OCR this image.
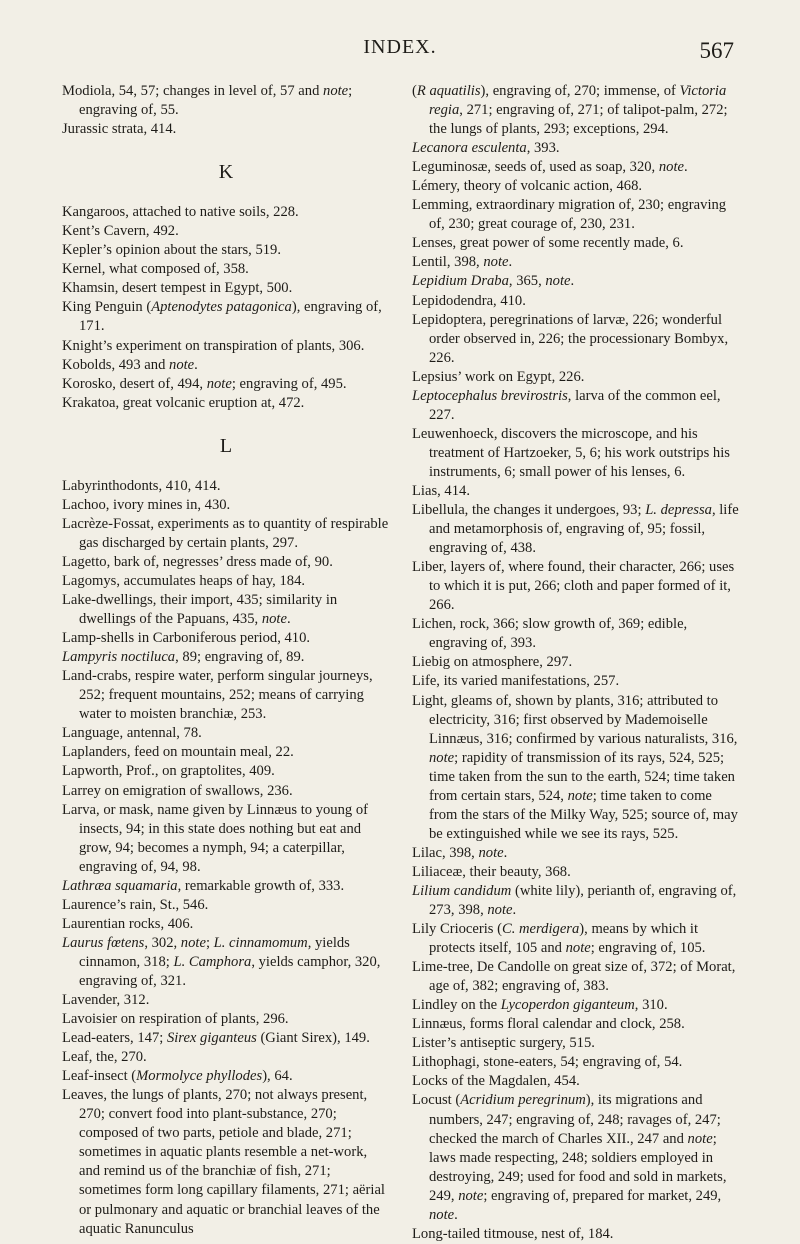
INDEX.	567

Modiola, 54, 57; changes in level of, 57 and note; engraving of, 55.

Jurassic strata, 414.

K

Kangaroos, attached to native soils, 228.

Kent’s Cavern, 492.

Kepler’s opinion about the stars, 519.

Kernel, what composed of, 358.

Khamsin, desert tempest in Egypt, 500.

King Penguin (Aptenodytes patagonica), engraving of, 171.

Knight’s experiment on transpiration of plants, 306.

Kobolds, 493 and note.

Korosko, desert of, 494, note; engraving of, 495.

Krakatoa, great volcanic eruption at, 472.

L

Labyrinthodonts, 410, 414.

Lachoo, ivory mines in, 430.

Lacrèze-Fossat, experiments as to quantity of respirable gas discharged by certain plants, 297.

Lagetto, bark of, negresses’ dress made of, 90.

Lagomys, accumulates heaps of hay, 184.

Lake-dwellings, their import, 435; similarity in dwellings of the Papuans, 435, note.

Lamp-shells in Carboniferous period, 410.

Lampyris noctiluca, 89; engraving of, 89.

Land-crabs, respire water, perform singular journeys, 252; frequent mountains, 252; means of carrying water to moisten branchiæ, 253.

Language, antennal, 78.

Laplanders, feed on mountain meal, 22.

Lapworth, Prof., on graptolites, 409.

Larrey on emigration of swallows, 236.

Larva, or mask, name given by Linnæus to young of insects, 94; in this state does nothing but eat and grow, 94; becomes a nymph, 94; a caterpillar, engraving of, 94, 98.

Lathræa squamaria, remarkable growth of, 333.

Laurence’s rain, St., 546.

Laurentian rocks, 406.

Laurus fœtens, 302, note; L. cinnamomum, yields cinnamon, 318; L. Camphora, yields camphor, 320, engraving of, 321.

Lavender, 312.

Lavoisier on respiration of plants, 296.

Lead-eaters, 147; Sirex giganteus (Giant Sirex), 149.

Leaf, the, 270.

Leaf-insect (Mormolyce phyllodes), 64.

Leaves, the lungs of plants, 270; not always present, 270; convert food into plant-substance, 270; composed of two parts, petiole and blade, 271; sometimes in aquatic plants resemble a net-work, and remind us of the branchiæ of fish, 271; sometimes form long capillary filaments, 271; aërial or pulmonary and aquatic or branchial leaves of the aquatic Ranunculus

(R aquatilis), engraving of, 270; immense, of Victoria regia, 271; engraving of, 271; of talipot-palm, 272; the lungs of plants, 293; exceptions, 294.

Lecanora esculenta, 393.

Leguminosæ, seeds of, used as soap, 320, note.

Lémery, theory of volcanic action, 468.

Lemming, extraordinary migration of, 230; engraving of, 230; great courage of, 230, 231.

Lenses, great power of some recently made, 6.

Lentil, 398, note.

Lepidium Draba, 365, note.

Lepidodendra, 410.

Lepidoptera, peregrinations of larvæ, 226; wonderful order observed in, 226; the processionary Bombyx, 226.

Lepsius’ work on Egypt, 226.

Leptocephalus brevirostris, larva of the common eel, 227.

Leuwenhoeck, discovers the microscope, and his treatment of Hartzoeker, 5, 6; his work outstrips his instruments, 6; small power of his lenses, 6.

Lias, 414.

Libellula, the changes it undergoes, 93; L. depressa, life and metamorphosis of, engraving of, 95; fossil, engraving of, 438.

Liber, layers of, where found, their character, 266; uses to which it is put, 266; cloth and paper formed of it, 266.

Lichen, rock, 366; slow growth of, 369; edible, engraving of, 393.

Liebig on atmosphere, 297.

Life, its varied manifestations, 257.

Light, gleams of, shown by plants, 316; attributed to electricity, 316; first observed by Mademoiselle Linnæus, 316; confirmed by various naturalists, 316, note; rapidity of transmission of its rays, 524, 525; time taken from the sun to the earth, 524; time taken from certain stars, 524, note; time taken to come from the stars of the Milky Way, 525; source of, may be extinguished while we see its rays, 525.

Lilac, 398, note.

Liliaceæ, their beauty, 368.

Lilium candidum (white lily), perianth of, engraving of, 273, 398, note.

Lily Crioceris (C. merdigera), means by which it protects itself, 105 and note; engraving of, 105.

Lime-tree, De Candolle on great size of, 372; of Morat, age of, 382; engraving of, 383.

Lindley on the Lycoperdon giganteum, 310.

Linnæus, forms floral calendar and clock, 258.

Lister’s antiseptic surgery, 515.

Lithophagi, stone-eaters, 54; engraving of, 54.

Locks of the Magdalen, 454.

Locust (Acridium peregrinum), its migrations and numbers, 247; engraving of, 248; ravages of, 247; checked the march of Charles XII., 247 and note; laws made respecting, 248; soldiers employed in destroying, 249; used for food and sold in markets, 249, note; engraving of, prepared for market, 249, note.

Long-tailed titmouse, nest of, 184.
